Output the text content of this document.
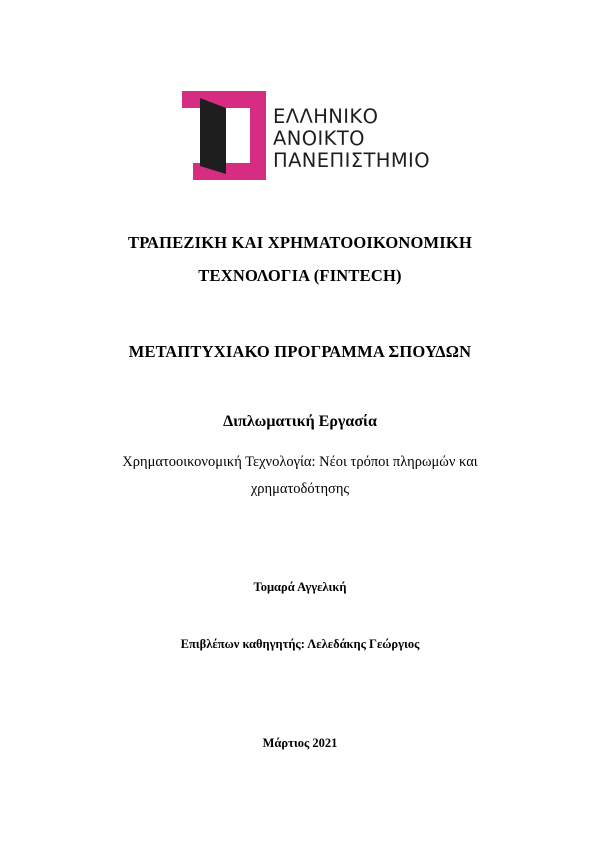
ΕΛΛΗΝΙΚΟ
ΑΝΟΙΚΤΟ
ΠΑΝΕΠΙΣΤΗΜΙΟ
ΤΡΑΠΕΖΙΚΗ ΚΑΙ ΧΡΗΜΑΤΟΟΙΚΟΝΟΜΙΚΗ
ΤΕΧΝΟΛΟΓΙΑ (FINTECH)
ΜΕΤΑΠΤΥΧΙΑΚΟ ΠΡΟΓΡΑΜΜΑ ΣΠΟΥΔΩΝ
Διπλωματική Εργασία
Χρηματοοικονομική Τεχνολογία: Νέοι τρόποι πληρωμών και
χρηματοδότησης
Τομαρά Αγγελική
Επιβλέπων καθηγητής: Λελεδάκης Γεώργιος
Μάρτιος 2021
